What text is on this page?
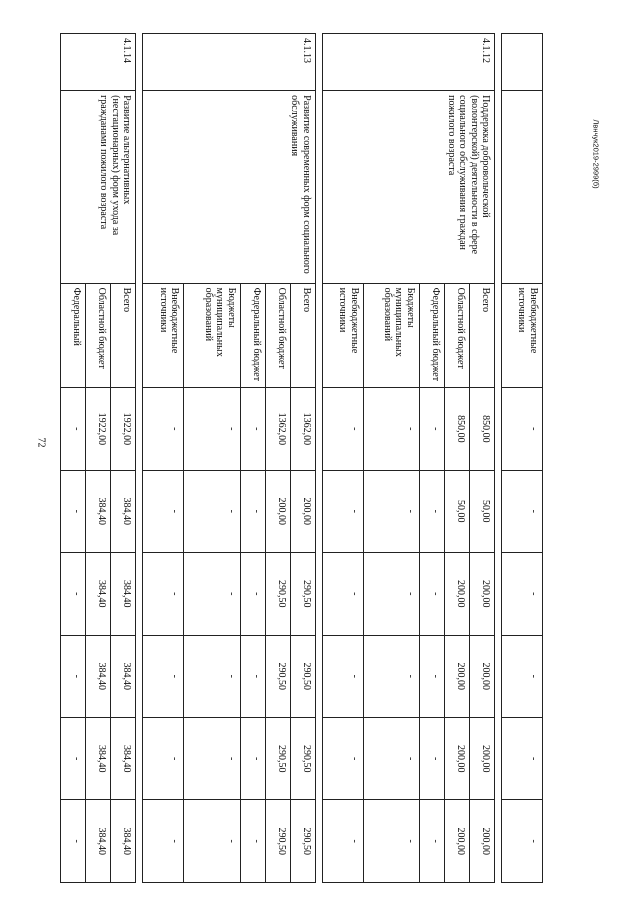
72
Лвнчук2019-2999(б)
		Внебюджетные источники	-	-	-	-	-	-

4.1.12	Поддержка добровольческой (волонтерской) деятельности в сфере социального обслуживания граждан пожилого возраста	Всего	850,00	50,00	200,00	200,00	200,00	200,00
		Областной бюджет	850,00	50,00	200,00	200,00	200,00	200,00
		Федеральный бюджет	-	-	-	-	-	-
		Бюджеты муниципальных образований	-	-	-	-	-	-
		Внебюджетные источники	-	-	-	-	-	-

4.1.13	Развитие современных форм социального обслуживания	Всего	1362,00	200,00	290,50	290,50	290,50	290,50
		Областной бюджет	1362,00	200,00	290,50	290,50	290,50	290,50
		Федеральный бюджет	-	-	-	-	-	-
		Бюджеты муниципальных образований	-	-	-	-	-	-
		Внебюджетные источники	-	-	-	-	-	-

4.1.14	Развитие альтернативных (нестационарных) форм ухода за гражданами пожилого возраста	Всего	1922,00	384,40	384,40	384,40	384,40	384,40
		Областной бюджет	1922,00	384,40	384,40	384,40	384,40	384,40
		Федеральный	-	-	-	-	-	-
